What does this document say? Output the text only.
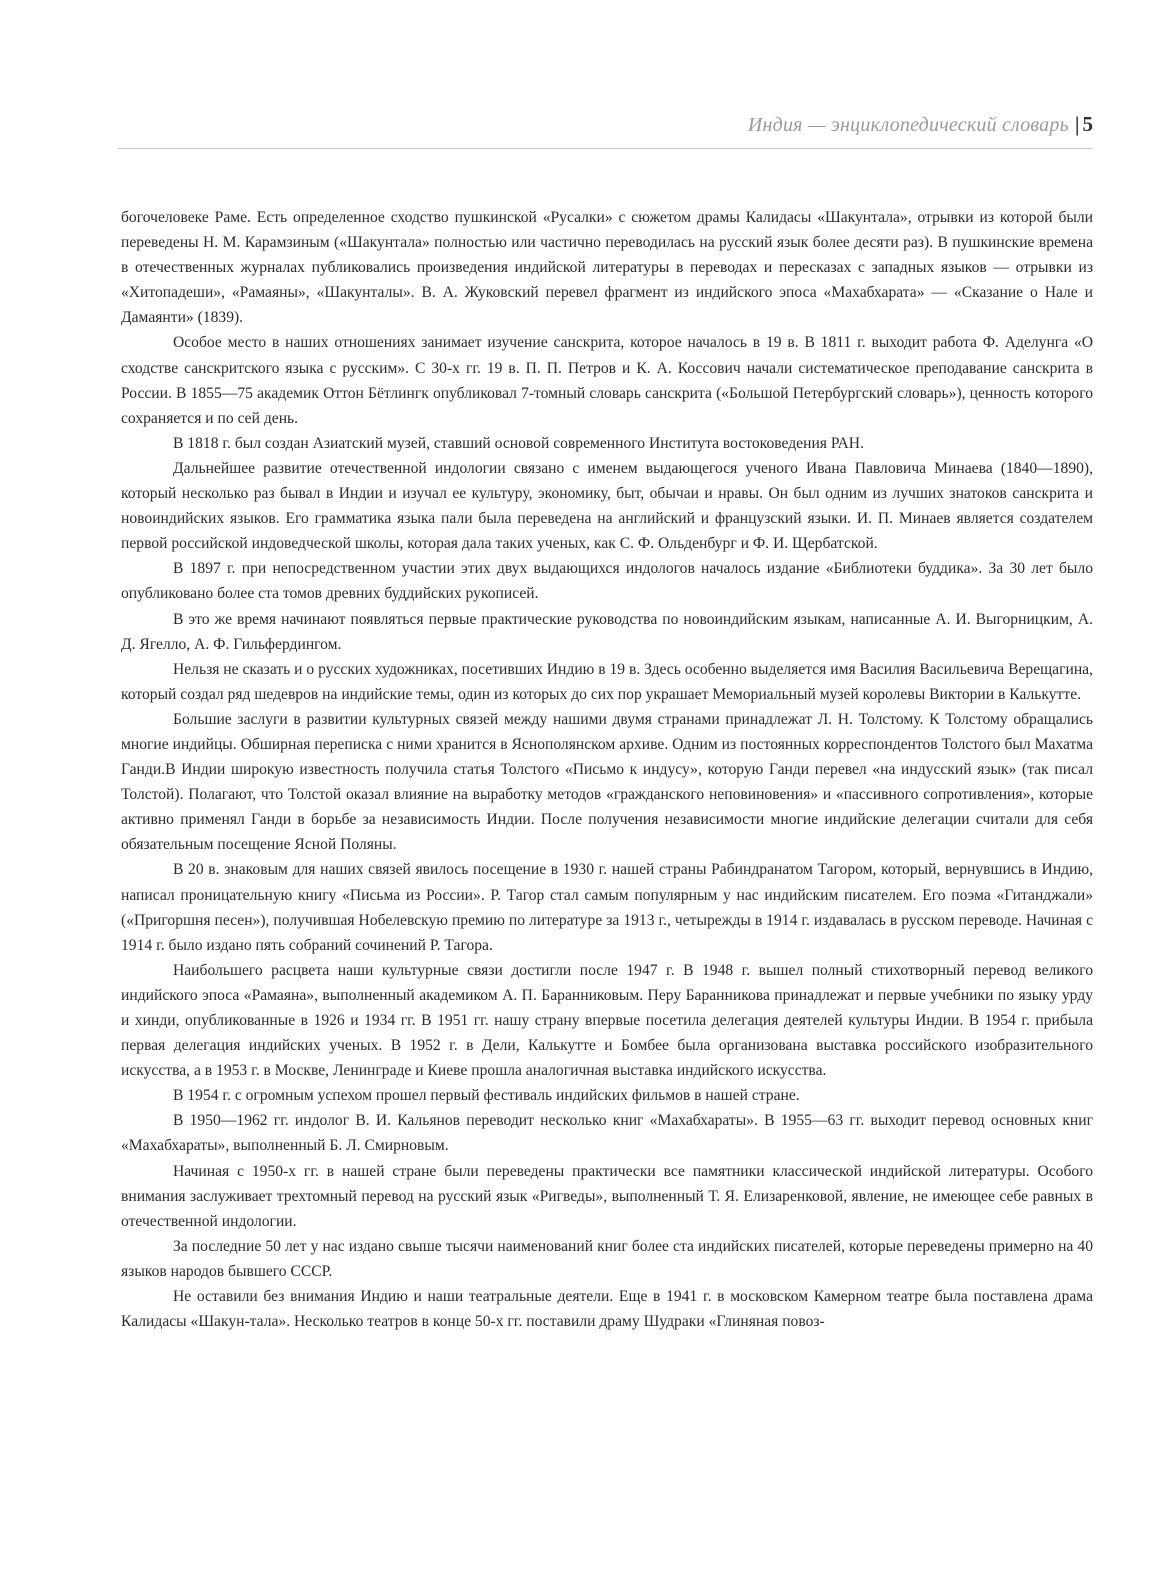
Индия — энциклопедический словарь | 5

богочеловеке Раме. Есть определенное сходство пушкинской «Русалки» с сюжетом драмы Калидасы «Шакунтала», отрывки из которой были переведены Н. М. Карамзиным («Шакунтала» полностью или частично переводилась на русский язык более десяти раз). В пушкинские времена в отечественных журналах публиковались произведения индийской литературы в переводах и пересказах с западных языков — отрывки из «Хитопадеши», «Рамаяны», «Шакунталы». В. А. Жуковский перевел фрагмент из индийского эпоса «Махабхарата» — «Сказание о Нале и Дамаянти» (1839).

Особое место в наших отношениях занимает изучение санскрита, которое началось в 19 в. В 1811 г. выходит работа Ф. Аделунга «О сходстве санскритского языка с русским». С 30-х гг. 19 в. П. П. Петров и К. А. Коссович начали систематическое преподавание санскрита в России. В 1855—75 академик Оттон Бётлингк опубликовал 7-томный словарь санскрита («Большой Петербургский словарь»), ценность которого сохраняется и по сей день.

В 1818 г. был создан Азиатский музей, ставший основой современного Института востоковедения РАН.

Дальнейшее развитие отечественной индологии связано с именем выдающегося ученого Ивана Павловича Минаева (1840—1890), который несколько раз бывал в Индии и изучал ее культуру, экономику, быт, обычаи и нравы. Он был одним из лучших знатоков санскрита и новоиндийских языков. Его грамматика языка пали была переведена на английский и французский языки. И. П. Минаев является создателем первой российской индоведческой школы, которая дала таких ученых, как С. Ф. Ольденбург и Ф. И. Щербатской.

В 1897 г. при непосредственном участии этих двух выдающихся индологов началось издание «Библиотеки буддика». За 30 лет было опубликовано более ста томов древних буддийских рукописей.

В это же время начинают появляться первые практические руководства по новоиндийским языкам, написанные А. И. Выгорницким, А. Д. Ягелло, А. Ф. Гильфердингом.

Нельзя не сказать и о русских художниках, посетивших Индию в 19 в. Здесь особенно выделяется имя Василия Васильевича Верещагина, который создал ряд шедевров на индийские темы, один из которых до сих пор украшает Мемориальный музей королевы Виктории в Калькутте.

Большие заслуги в развитии культурных связей между нашими двумя странами принадлежат Л. Н. Толстому. К Толстому обращались многие индийцы. Обширная переписка с ними хранится в Яснополянском архиве. Одним из постоянных корреспондентов Толстого был Махатма Ганди.В Индии широкую известность получила статья Толстого «Письмо к индусу», которую Ганди перевел «на индусский язык» (так писал Толстой). Полагают, что Толстой оказал влияние на выработку методов «гражданского неповиновения» и «пассивного сопротивления», которые активно применял Ганди в борьбе за независимость Индии. После получения независимости многие индийские делегации считали для себя обязательным посещение Ясной Поляны.

В 20 в. знаковым для наших связей явилось посещение в 1930 г. нашей страны Рабиндранатом Тагором, который, вернувшись в Индию, написал проницательную книгу «Письма из России». Р. Тагор стал самым популярным у нас индийским писателем. Его поэма «Гитанджали» («Пригоршня песен»), получившая Нобелевскую премию по литературе за 1913 г., четырежды в 1914 г. издавалась в русском переводе. Начиная с 1914 г. было издано пять собраний сочинений Р. Тагора.

Наибольшего расцвета наши культурные связи достигли после 1947 г. В 1948 г. вышел полный стихотворный перевод великого индийского эпоса «Рамаяна», выполненный академиком А. П. Баранниковым. Перу Баранникова принадлежат и первые учебники по языку урду и хинди, опубликованные в 1926 и 1934 гг. В 1951 гг. нашу страну впервые посетила делегация деятелей культуры Индии. В 1954 г. прибыла первая делегация индийских ученых. В 1952 г. в Дели, Калькутте и Бомбее была организована выставка российского изобразительного искусства, а в 1953 г. в Москве, Ленинграде и Киеве прошла аналогичная выставка индийского искусства.

В 1954 г. с огромным успехом прошел первый фестиваль индийских фильмов в нашей стране.

В 1950—1962 гг. индолог В. И. Кальянов переводит несколько книг «Махабхараты». В 1955—63 гг. выходит перевод основных книг «Махабхараты», выполненный Б. Л. Смирновым.

Начиная с 1950-х гг. в нашей стране были переведены практически все памятники классической индийской литературы. Особого внимания заслуживает трехтомный перевод на русский язык «Ригведы», выполненный Т. Я. Елизаренковой, явление, не имеющее себе равных в отечественной индологии.

За последние 50 лет у нас издано свыше тысячи наименований книг более ста индийских писателей, которые переведены примерно на 40 языков народов бывшего СССР.

Не оставили без внимания Индию и наши театральные деятели. Еще в 1941 г. в московском Камерном театре была поставлена драма Калидасы «Шакун-тала». Несколько театров в конце 50-х гг. поставили драму Шудраки «Глиняная повоз-
